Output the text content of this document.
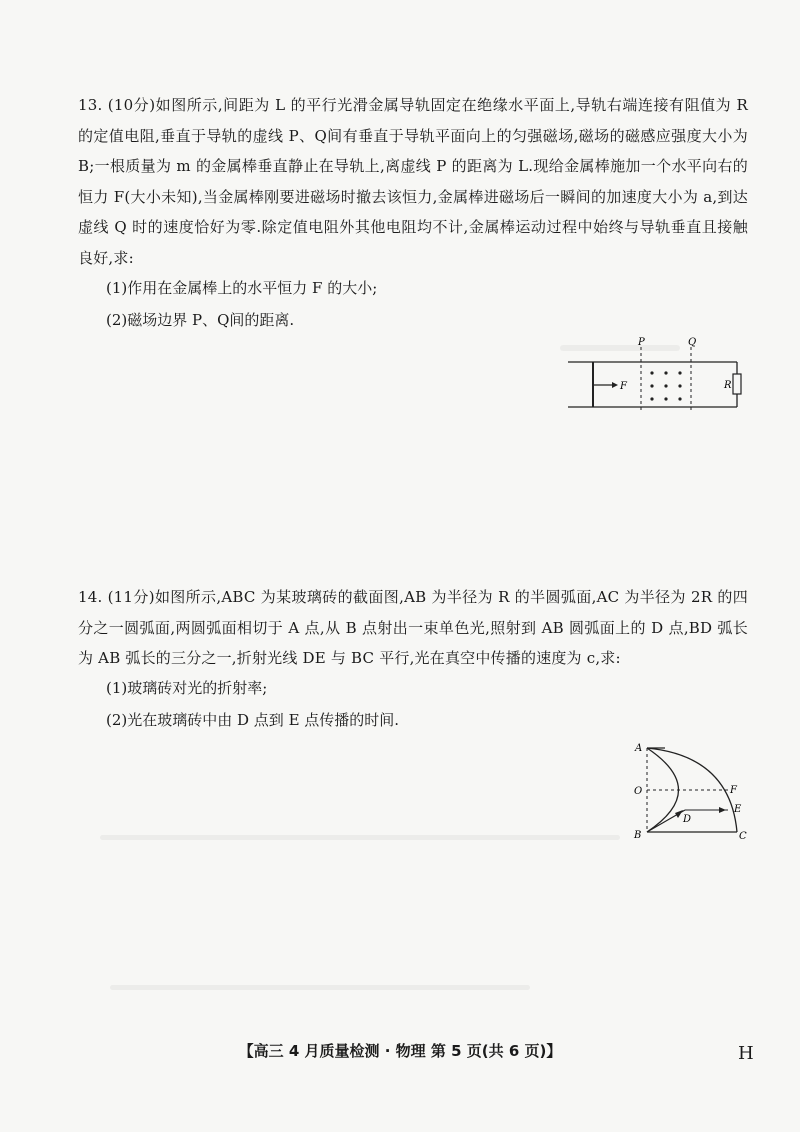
13. (10分)如图所示,间距为 L 的平行光滑金属导轨固定在绝缘水平面上,导轨右端连接有阻值为 R 的定值电阻,垂直于导轨的虚线 P、Q间有垂直于导轨平面向上的匀强磁场,磁场的磁感应强度大小为 B;一根质量为 m 的金属棒垂直静止在导轨上,离虚线 P 的距离为 L.现给金属棒施加一个水平向右的恒力 F(大小未知),当金属棒刚要进磁场时撤去该恒力,金属棒进磁场后一瞬间的加速度大小为 a,到达虚线 Q 时的速度恰好为零.除定值电阻外其他电阻均不计,金属棒运动过程中始终与导轨垂直且接触良好,求:

(1)作用在金属棒上的水平恒力 F 的大小;
(2)磁场边界 P、Q间的距离.
P	Q
F	R

14. (11分)如图所示,ABC 为某玻璃砖的截面图,AB 为半径为 R 的半圆弧面,AC 为半径为 2R 的四分之一圆弧面,两圆弧面相切于 A 点,从 B 点射出一束单色光,照射到 AB 圆弧面上的 D 点,BD 弧长为 AB 弧长的三分之一,折射光线 DE 与 BC 平行,光在真空中传播的速度为 c,求:

(1)玻璃砖对光的折射率;
(2)光在玻璃砖中由 D 点到 E 点传播的时间.
A
O
B	C
D
E
F
【高三 4 月质量检测 · 物理 第 5 页(共 6 页)】	H
